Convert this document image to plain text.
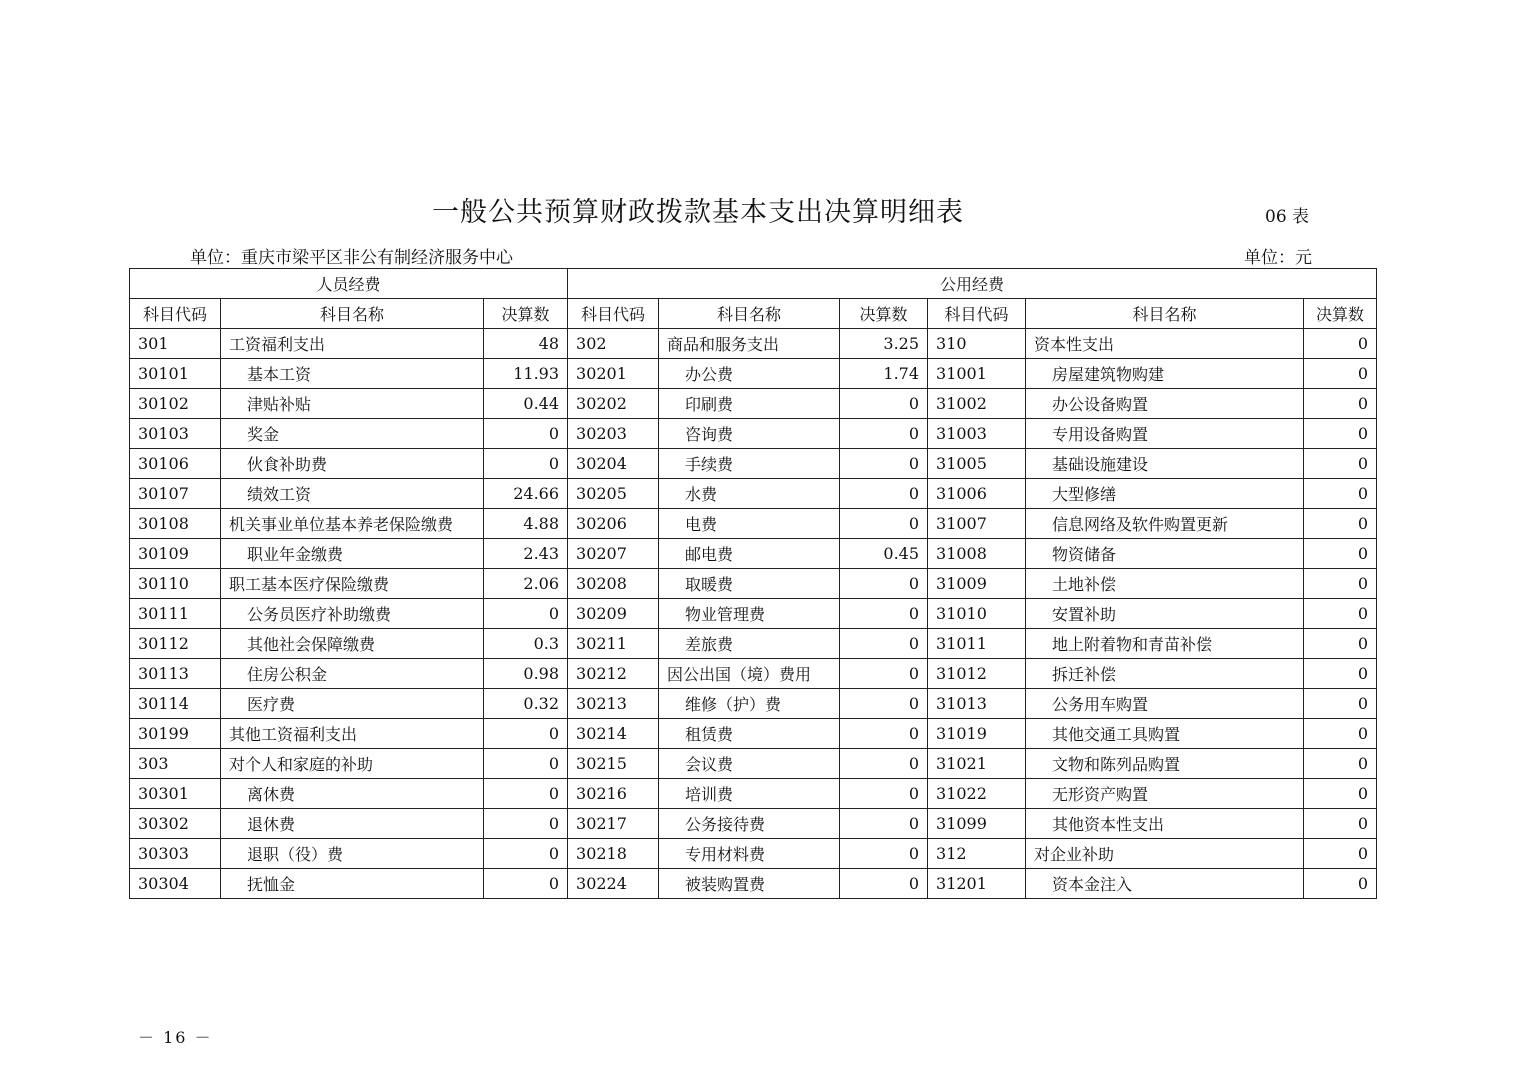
一般公共预算财政拨款基本支出决算明细表	06 表
单位：重庆市梁平区非公有制经济服务中心	单位：元
人员经费			公用经费					
科目代码	科目名称	决算数	科目代码	科目名称	决算数	科目代码	科目名称	决算数
301	工资福利支出	48	302	商品和服务支出	3.25	310	资本性支出	0
30101	基本工资	11.93	30201	办公费	1.74	31001	房屋建筑物购建	0
30102	津贴补贴	0.44	30202	印刷费	0	31002	办公设备购置	0
30103	奖金	0	30203	咨询费	0	31003	专用设备购置	0
30106	伙食补助费	0	30204	手续费	0	31005	基础设施建设	0
30107	绩效工资	24.66	30205	水费	0	31006	大型修缮	0
30108	机关事业单位基本养老保险缴费	4.88	30206	电费	0	31007	信息网络及软件购置更新	0
30109	职业年金缴费	2.43	30207	邮电费	0.45	31008	物资储备	0
30110	职工基本医疗保险缴费	2.06	30208	取暖费	0	31009	土地补偿	0
30111	公务员医疗补助缴费	0	30209	物业管理费	0	31010	安置补助	0
30112	其他社会保障缴费	0.3	30211	差旅费	0	31011	地上附着物和青苗补偿	0
30113	住房公积金	0.98	30212	因公出国（境）费用	0	31012	拆迁补偿	0
30114	医疗费	0.32	30213	维修（护）费	0	31013	公务用车购置	0
30199	其他工资福利支出	0	30214	租赁费	0	31019	其他交通工具购置	0
303	对个人和家庭的补助	0	30215	会议费	0	31021	文物和陈列品购置	0
30301	离休费	0	30216	培训费	0	31022	无形资产购置	0
30302	退休费	0	30217	公务接待费	0	31099	其他资本性支出	0
30303	退职（役）费	0	30218	专用材料费	0	312	对企业补助	0
30304	抚恤金	0	30224	被装购置费	0	31201	资本金注入	0
－ 16 －
